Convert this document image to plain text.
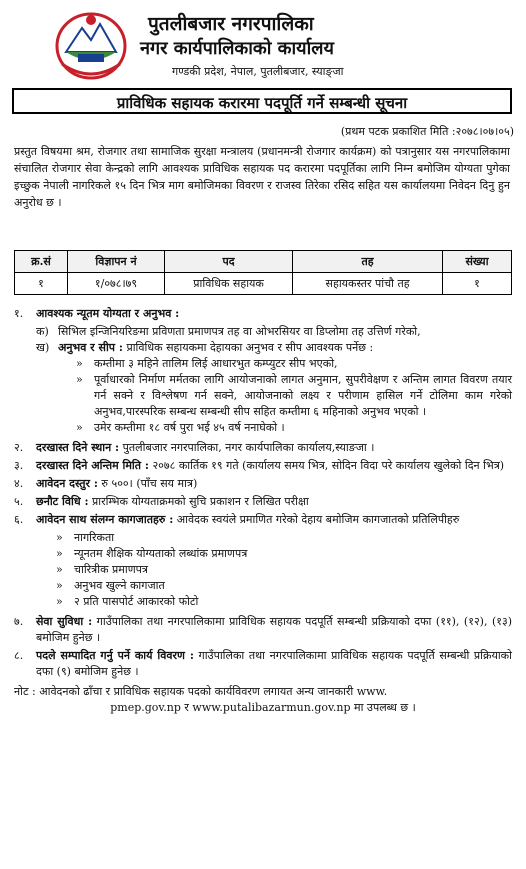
पुतलीबजार नगरपालिका
नगर कार्यपालिकाको कार्यालय
गण्डकी प्रदेश, नेपाल, पुतलीबजार, स्याङ्जा
प्राविधिक सहायक करारमा पदपूर्ति गर्ने सम्बन्धी सूचना
(प्रथम पटक प्रकाशित मिति :२०७८।०७।०५)
प्रस्तुत विषयमा श्रम, रोजगार तथा सामाजिक सुरक्षा मन्त्रालय (प्रधानमन्त्री रोजगार कार्यक्रम) को पत्रानुसार यस नगरपालिकामा संचालित रोजगार सेवा केन्द्रको लागि आवश्यक प्राविधिक सहायक पद करारमा पदपूर्तिका लागि निम्न बमोजिम योग्यता पुगेका इच्छुक नेपाली नागरिकले १५ दिन भित्र माग बमोजिमका विवरण र राजस्व तिरेका रसिद सहित यस कार्यालयमा निवेदन दिनु हुन अनुरोध छ ।
क्र.सं	विज्ञापन नं	पद	तह	संख्या
१	१/०७८।७९	प्राविधिक सहायक	सहायकस्तर पांचौ तह	१
१.	आवश्यक न्यूतम योग्यता र अनुभव :
क) सिभिल इन्जिनियरिङमा प्रविणता प्रमाणपत्र तह वा ओभरसियर वा डिप्लोमा तह उत्तिर्ण गरेको,
ख) अनुभव र सीप : प्राविधिक सहायकमा देहायका अनुभव र सीप आवश्यक पर्नेछ :
»	कम्तीमा ३ महिने तालिम लिई आधारभुत कम्प्युटर सीप भएको,
»	पूर्वाधारको निर्माण मर्मतका लागि आयोजनाको लागत अनुमान, सुपरीवेक्षण र अन्तिम लागत विवरण तयार गर्न सक्ने र विश्लेषण गर्न सक्ने, आयोजनाको लक्ष्य र परीणाम हासिल गर्ने टोलिमा काम गरेको अनुभव,पारस्परिक सम्बन्ध सम्बन्धी सीप सहित कम्तीमा ६ महिनाको अनुभव भएको ।
»	उमेर कम्तीमा १८ वर्ष पुरा भई ४५ वर्ष ननाघेको ।
२.	दरखास्त दिने स्थान : पुतलीबजार नगरपालिका, नगर कार्यपालिका कार्यालय,स्याङजा ।
३.	दरखास्त दिने अन्तिम मिति : २०७८ कार्तिक १९ गते (कार्यालय समय भित्र, सोदिन विदा परे कार्यालय खुलेको दिन भित्र)
४.	आवेदन दस्तुर : रु ५००। (पाँच सय मात्र)
५.	छनौट विधि : प्रारम्भिक योग्यताक्रमको सुचि प्रकाशन र लिखित परीक्षा
६.	आवेदन साथ संलग्न कागजातहरु : आवेदक स्वयंले प्रमाणित गरेको देहाय बमोजिम कागजातको प्रतिलिपीहरु
»	नागरिकता
»	न्यूनतम शैक्षिक योग्यताको लब्धांक प्रमाणपत्र
»	चारित्रीक प्रमाणपत्र
»	अनुभव खुल्ने कागजात
»	२ प्रति पासपोर्ट आकारको फोटो
७.	सेवा सुविधा : गाउँपालिका तथा नगरपालिकामा प्राविधिक सहायक पदपूर्ति सम्बन्धी प्रक्रियाको दफा (११), (१२), (१३) बमोजिम हुनेछ ।
८.	पदले सम्पादित गर्नु पर्ने कार्य विवरण : गाउँपालिका तथा नगरपालिकामा प्राविधिक सहायक पदपूर्ति सम्बन्धी प्रक्रियाको दफा (९) बमोजिम हुनेछ ।
नोट : आवेदनको ढाँचा र प्राविधिक सहायक पदको कार्यविवरण लगायत अन्य जानकारी www.
pmep.gov.np र www.putalibazarmun.gov.np मा उपलब्ध छ ।
